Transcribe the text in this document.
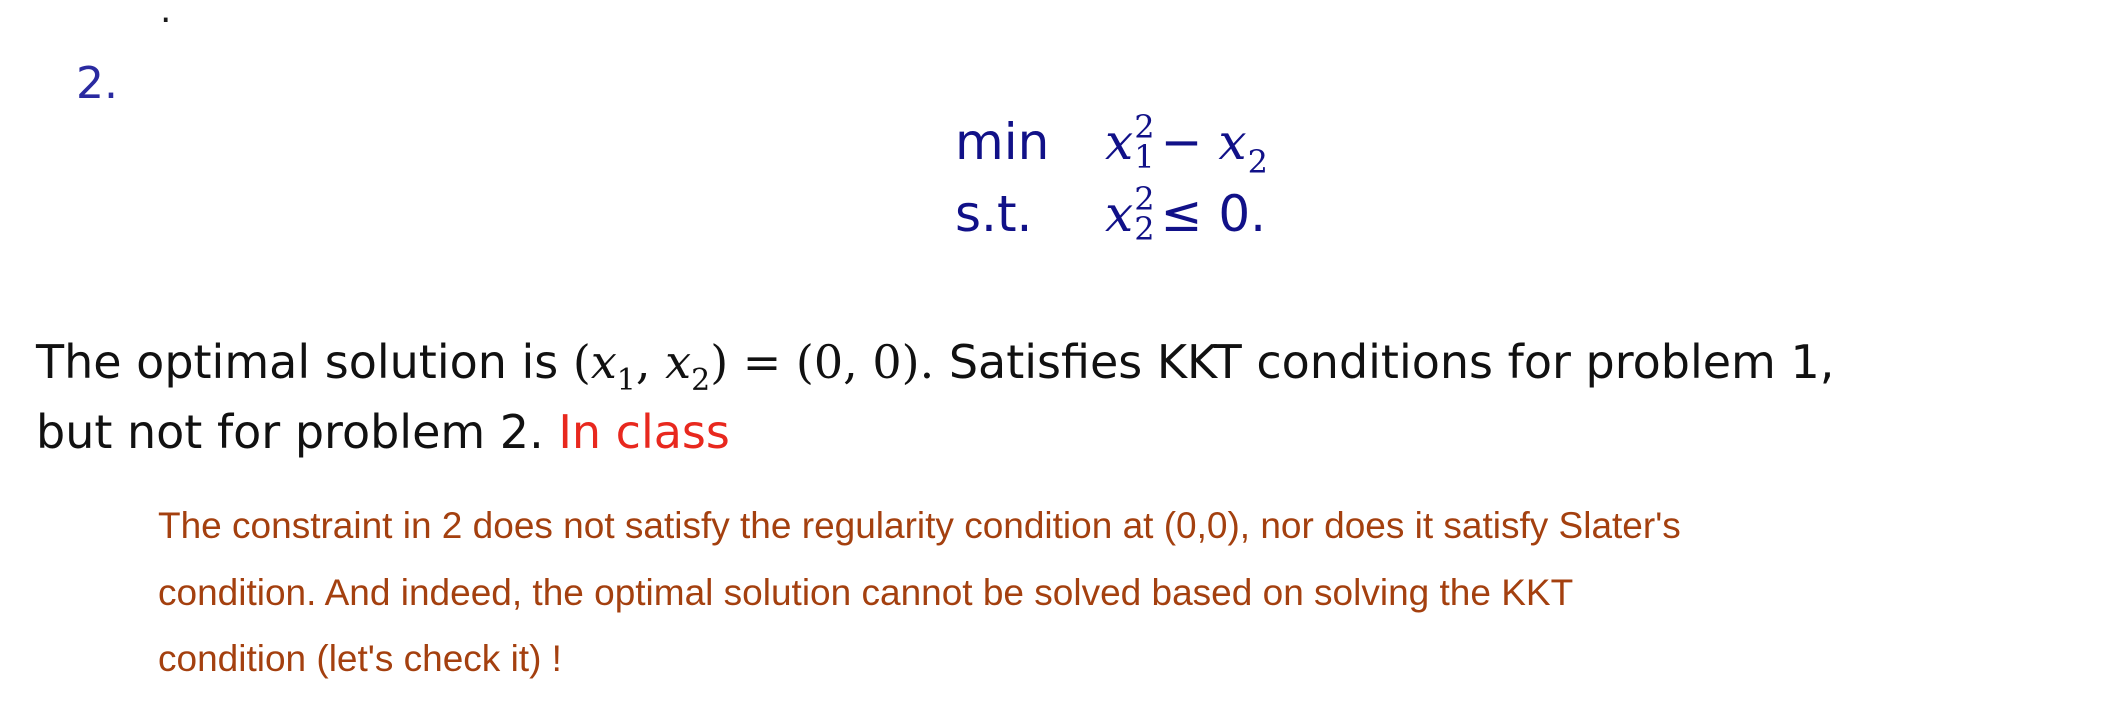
.
2.
min	x 2
$1 - x_2$
s.t.	x 2
2 ≤ 0.
The optimal solution is ($x_1$, $x_2) = (0$, 0). Satisfies KKT conditions for problem 1,
but not for problem 2. In class
The constraint in 2 does not satisfy the regularity condition at (0,0), nor does it satisfy Slater's
condition. And indeed, the optimal solution cannot be solved based on solving the KKT
condition (let's check it) !
